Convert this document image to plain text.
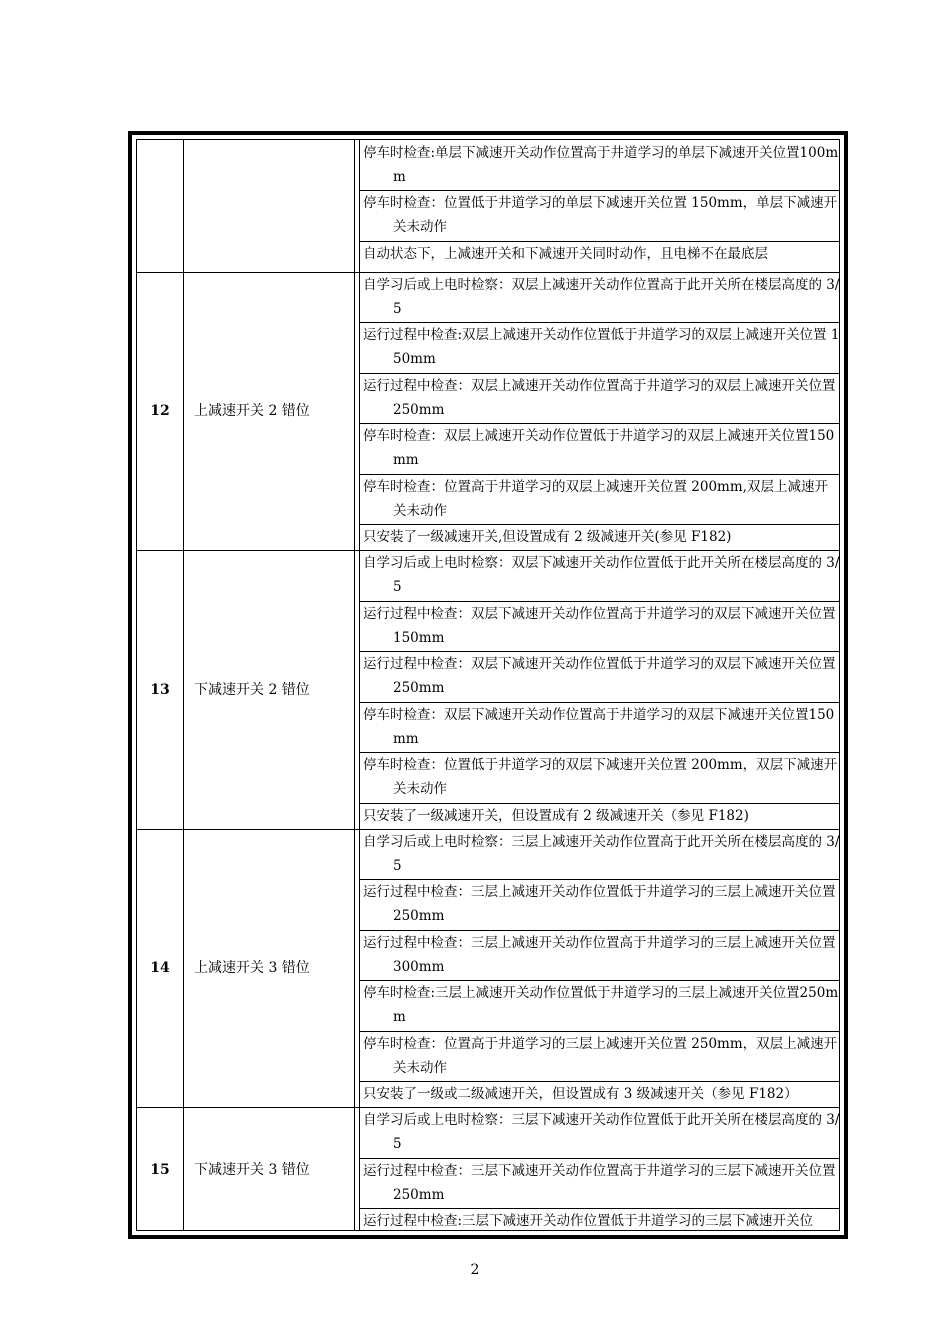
停车时检查:单层下减速开关动作位置高于井道学习的单层下减速开关位置100mm
停车时检查：位置低于井道学习的单层下减速开关位置 150mm，单层下减速开关未动作
自动状态下，上减速开关和下减速开关同时动作，且电梯不在最底层
12	上减速开关 2 错位
自学习后或上电时检察：双层上减速开关动作位置高于此开关所在楼层高度的 3/5
运行过程中检查:双层上减速开关动作位置低于井道学习的双层上减速开关位置 150mm
运行过程中检查：双层上减速开关动作位置高于井道学习的双层上减速开关位置 250mm
停车时检查：双层上减速开关动作位置低于井道学习的双层上减速开关位置150mm
停车时检查：位置高于井道学习的双层上减速开关位置 200mm,双层上减速开关未动作
只安装了一级减速开关,但设置成有 2 级减速开关(参见 F182)
13	下减速开关 2 错位
自学习后或上电时检察：双层下减速开关动作位置低于此开关所在楼层高度的 3/5
运行过程中检查：双层下减速开关动作位置高于井道学习的双层下减速开关位置 150mm
运行过程中检查：双层下减速开关动作位置低于井道学习的双层下减速开关位置 250mm
停车时检查：双层下减速开关动作位置高于井道学习的双层下减速开关位置150mm
停车时检查：位置低于井道学习的双层下减速开关位置 200mm，双层下减速开关未动作
只安装了一级减速开关，但设置成有 2 级减速开关（参见 F182)
14	上减速开关 3 错位
自学习后或上电时检察：三层上减速开关动作位置高于此开关所在楼层高度的 3/5
运行过程中检查：三层上减速开关动作位置低于井道学习的三层上减速开关位置 250mm
运行过程中检查：三层上减速开关动作位置高于井道学习的三层上减速开关位置 300mm
停车时检查:三层上减速开关动作位置低于井道学习的三层上减速开关位置250mm
停车时检查：位置高于井道学习的三层上减速开关位置 250mm，双层上减速开关未动作
只安装了一级或二级减速开关，但设置成有 3 级减速开关（参见 F182）
15	下减速开关 3 错位
自学习后或上电时检察：三层下减速开关动作位置低于此开关所在楼层高度的 3/5
运行过程中检查：三层下减速开关动作位置高于井道学习的三层下减速开关位置 250mm
运行过程中检查:三层下减速开关动作位置低于井道学习的三层下减速开关位
2
